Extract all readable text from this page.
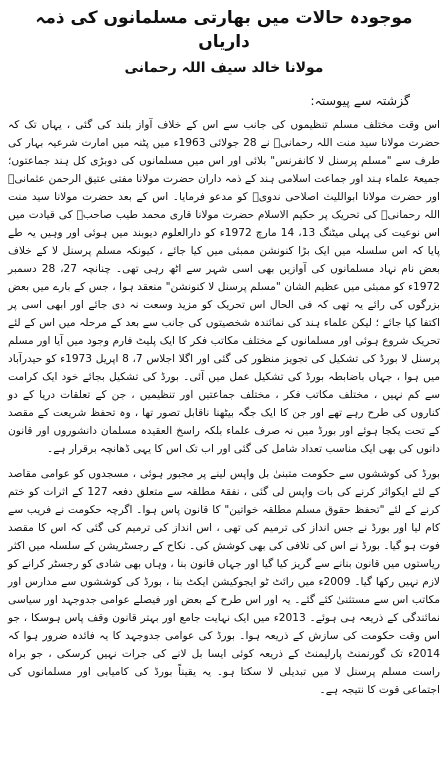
موجودہ حالات میں بھارتی مسلمانوں کی ذمہ داریاں
مولانا خالد سیف اللہ رحمانی
گزشتہ سے پیوستہ:

اس وقت مختلف مسلم تنظیموں کی جانب سے اس کے خلاف آواز بلند کی گئی ، یہاں تک کہ حضرت مولانا سید منت اللہ رحمانیؒ نے 28 جولائی 1963ء میں پٹنہ میں امارت شرعیہ بہار کی طرف سے "مسلم پرسنل لا کانفرنس" بلائی اور اس میں مسلمانوں کی دوبڑی کل ہند جماعتوں؛ جمیعۃ علماء ہند اور جماعت اسلامی ہند کے ذمہ داران حضرت مولانا مفتی عتیق الرحمن عثمانیؒ اور حضرت مولانا ابواللیث اصلاحی ندویؒ کو مدعو فرمایا۔ اس کے بعد حضرت مولانا سید منت اللہ رحمانیؒ کی تحریک پر حکیم الاسلام حضرت مولانا قاری محمد طیب صاحبؒ کی قیادت میں اس نوعیت کی پہلی میٹنگ 13، 14 مارچ 1972ء کو دارالعلوم دیوبند میں ہوئی اور وہیں یہ طے پایا کہ اس سلسلہ میں ایک بڑا کنونشن ممبئی میں کیا جائے ، کیونکہ مسلم پرسنل لا کے خلاف بعض نام نہاد مسلمانوں کی آوازیں بھی اسی شہر سے اٹھ رہی تھی۔ چنانچہ 27، 28 دسمبر 1972ء کو ممبئی میں عظیم الشان "مسلم پرسنل لا کنونشن" منعقد ہوا ، جس کے بارے میں بعض بزرگوں کی رائے یہ تھی کہ فی الحال اس تحریک کو مزید وسعت نہ دی جائے اور ابھی اسی پر اکتفا کیا جائے ؛ لیکن علماء ہند کی نمائندہ شخصیتوں کی جانب سے بعد کے مرحلہ میں اس کے لئے تحریک شروع ہوئی اور مسلمانوں کے مختلف مکاتب فکر کا ایک پلیٹ فارم وجود میں آیا اور مسلم پرسنل لا بورڈ کی تشکیل کی تجویز منظور کی گئی اور اگلا اجلاس 7، 8 اپریل 1973ء کو حیدرآباد میں ہوا ، جہاں باضابطہ بورڈ کی تشکیل عمل میں آئی۔ بورڈ کی تشکیل بجائے خود ایک کرامت سے کم نہیں ، مختلف مکاتب فکر ، مختلف جماعتیں اور تنظیمیں ، جن کے تعلقات دریا کے دو کناروں کی طرح رہے تھے اور جن کا ایک جگہ بیٹھنا ناقابل تصور تھا ، وہ تحفظ شریعت کے مقصد کے تحت یکجا ہوئے اور بورڈ میں نہ صرف علماء بلکہ راسخ العقیدہ مسلمان دانشوروں اور قانون دانوں کی بھی ایک مناسب تعداد شامل کی گئی اور اب تک اس کا یہی ڈھانچہ برقرار ہے۔

بورڈ کی کوششوں سے حکومت متبنیٰ بل واپس لینے پر مجبور ہوئی ، مسجدوں کو عوامی مقاصد کے لئے ایکوائر کرنے کی بات واپس لی گئی ، نفقۂ مطلقہ سے متعلق دفعہ 127 کے اثرات کو ختم کرنے کے لئے "تحفظ حقوق مسلم مطلقہ خواتین" کا قانون پاس ہوا۔ اگرچہ حکومت نے فریب سے کام لیا اور بورڈ نے جس انداز کی ترمیم کی تھی ، اس انداز کی ترمیم کی گئی کہ اس کا مقصد فوت ہو گیا۔ بورڈ نے اس کی تلافی کی بھی کوشش کی۔ نکاح کے رجسٹریشن کے سلسلہ میں اکثر ریاستوں میں قانون بنانے سے گریز کیا گیا اور جہاں قانون بنا ، وہاں بھی شادی کو رجسٹر کرانے کو لازم نہیں رکھا گیا۔ 2009ء میں رائٹ ٹو ایجوکیشن ایکٹ بنا ، بورڈ کی کوششوں سے مدارس اور مکاتب اس سے مستثنیٰ کئے گئے۔ یہ اور اس طرح کے بعض اور فیصلے عوامی جدوجہد اور سیاسی نمائندگی کے ذریعہ ہی ہوئے۔ 2013ء میں ایک نہایت جامع اور بہتر قانون وقف پاس ہوسکا ، جو اس وقت حکومت کی سازش کے ذریعہ ہوا۔ بورڈ کی عوامی جدوجہد کا یہ فائدہ ضرور ہوا کہ 2014ء تک گورنمنٹ پارلیمنٹ کے ذریعہ کوئی ایسا بل لانے کی جرات نہیں کرسکی ، جو براہ راست مسلم پرسنل لا میں تبدیلی لا سکتا ہو۔ یہ یقیناً بورڈ کی کامیابی اور مسلمانوں کی اجتماعی قوت کا نتیجہ ہے۔
